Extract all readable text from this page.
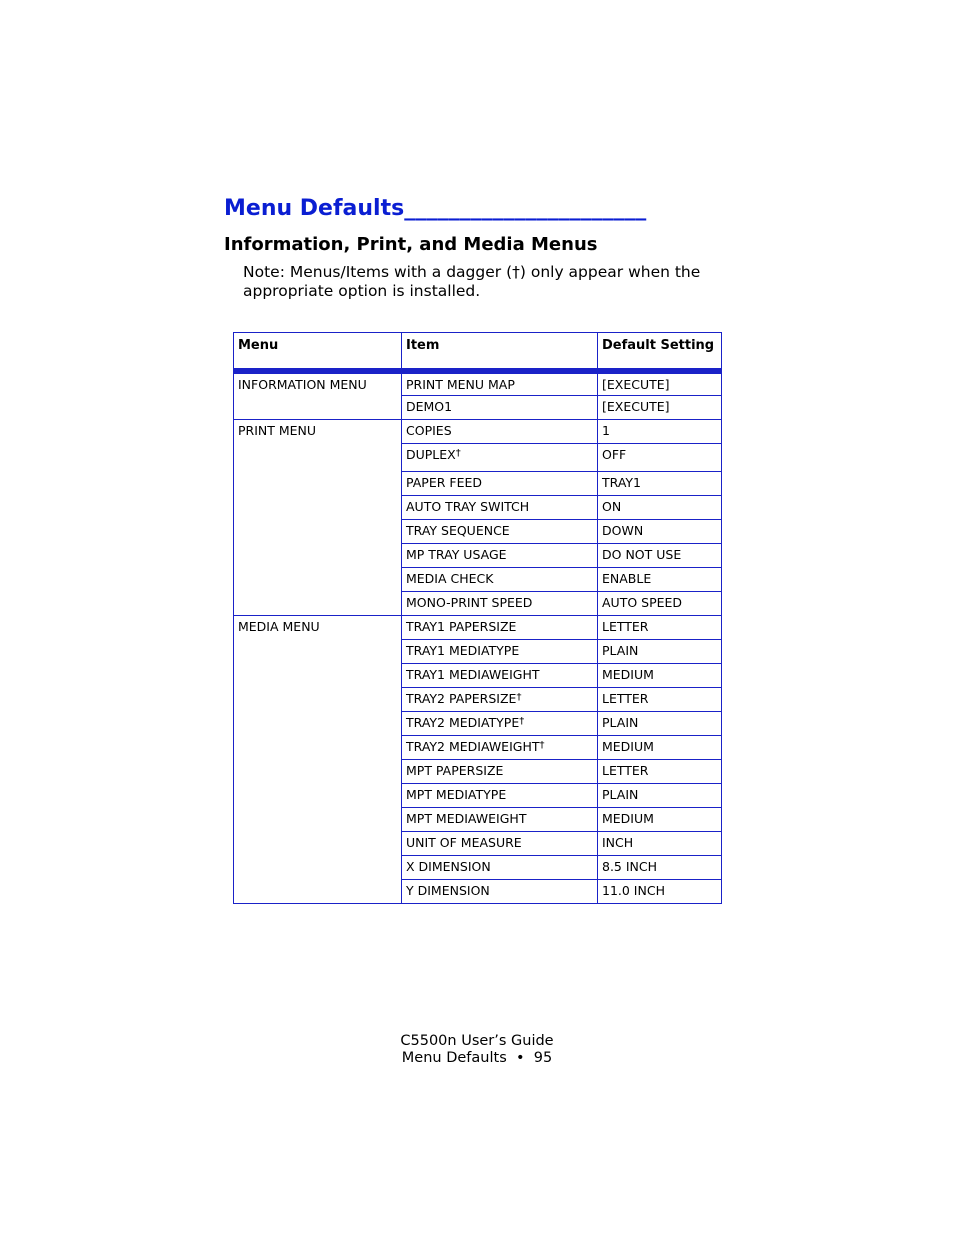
Menu Defaults______________________
Information, Print, and Media Menus

Note: Menus/Items with a dagger (†) only appear when the appropriate option is installed.

Menu	Item	Default Setting
INFORMATION MENU	PRINT MENU MAP	[EXECUTE]
	DEMO1	[EXECUTE]
PRINT MENU	COPIES	1
	DUPLEX†	OFF
	PAPER FEED	TRAY1
	AUTO TRAY SWITCH	ON
	TRAY SEQUENCE	DOWN
	MP TRAY USAGE	DO NOT USE
	MEDIA CHECK	ENABLE
	MONO-PRINT SPEED	AUTO SPEED
MEDIA MENU	TRAY1 PAPERSIZE	LETTER
	TRAY1 MEDIATYPE	PLAIN
	TRAY1 MEDIAWEIGHT	MEDIUM
	TRAY2 PAPERSIZE†	LETTER
	TRAY2 MEDIATYPE†	PLAIN
	TRAY2 MEDIAWEIGHT†	MEDIUM
	MPT PAPERSIZE	LETTER
	MPT MEDIATYPE	PLAIN
	MPT MEDIAWEIGHT	MEDIUM
	UNIT OF MEASURE	INCH
	X DIMENSION	8.5 INCH
	Y DIMENSION	11.0 INCH
C5500n User’s Guide
Menu Defaults  •  95
